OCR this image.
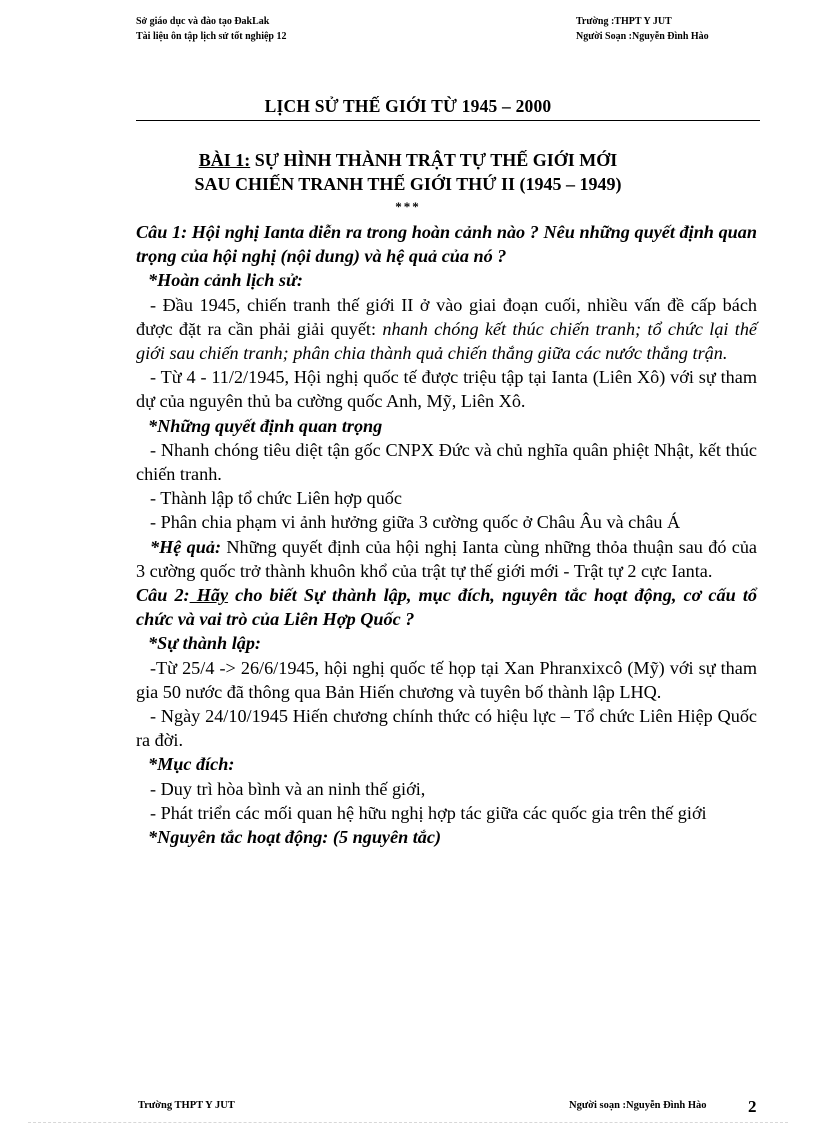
Sở giáo dục và đào tạo ĐakLak
Tài liệu ôn tập lịch sử tốt nghiệp 12
Trường :THPT Y JUT
Người Soạn :Nguyễn Đình Hào
LỊCH SỬ THẾ GIỚI TỪ 1945 – 2000
BÀI 1: SỰ HÌNH THÀNH TRẬT TỰ THẾ GIỚI MỚI
SAU CHIẾN TRANH THẾ GIỚI THỨ II (1945 – 1949)
***

Câu 1: Hội nghị Ianta diễn ra trong hoàn cảnh nào ? Nêu những quyết định quan trọng của hội nghị (nội dung) và hệ quả của nó ?

*Hoàn cảnh lịch sử:

- Đầu 1945, chiến tranh thế giới II ở vào giai đoạn cuối, nhiều vấn đề cấp bách được đặt ra cần phải giải quyết: nhanh chóng kết thúc chiến tranh; tổ chức lại thế giới sau chiến tranh; phân chia thành quả chiến thắng giữa các nước thắng trận.

- Từ 4 - 11/2/1945, Hội nghị quốc tế được triệu tập tại Ianta (Liên Xô) với sự tham dự của nguyên thủ ba cường quốc Anh, Mỹ, Liên Xô.

*Những quyết định quan trọng

- Nhanh chóng tiêu diệt tận gốc CNPX Đức và chủ nghĩa quân phiệt Nhật, kết thúc chiến tranh.

- Thành lập tổ chức Liên hợp quốc

- Phân chia phạm vi ảnh hưởng giữa 3 cường quốc ở Châu Âu và châu Á

*Hệ quả: Những quyết định của hội nghị Ianta cùng những thỏa thuận sau đó của 3 cường quốc trở thành khuôn khổ của trật tự thế giới mới - Trật tự 2 cực Ianta.

Câu 2: Hãy cho biết Sự thành lập, mục đích, nguyên tắc hoạt động, cơ cấu tổ chức và vai trò của Liên Hợp Quốc ?

*Sự thành lập:

-Từ 25/4 -> 26/6/1945, hội nghị quốc tế họp tại Xan Phranxixcô (Mỹ) với sự tham gia 50 nước đã thông qua Bản Hiến chương và tuyên bố thành lập LHQ.

- Ngày 24/10/1945 Hiến chương chính thức có hiệu lực – Tổ chức Liên Hiệp Quốc ra đời.

*Mục đích:

- Duy trì hòa bình và an ninh thế giới,

- Phát triển các mối quan hệ hữu nghị hợp tác giữa các quốc gia trên thế giới

*Nguyên tắc hoạt động: (5 nguyên tắc)

Trường THPT Y JUT	Người soạn :Nguyễn Đình Hào 2
